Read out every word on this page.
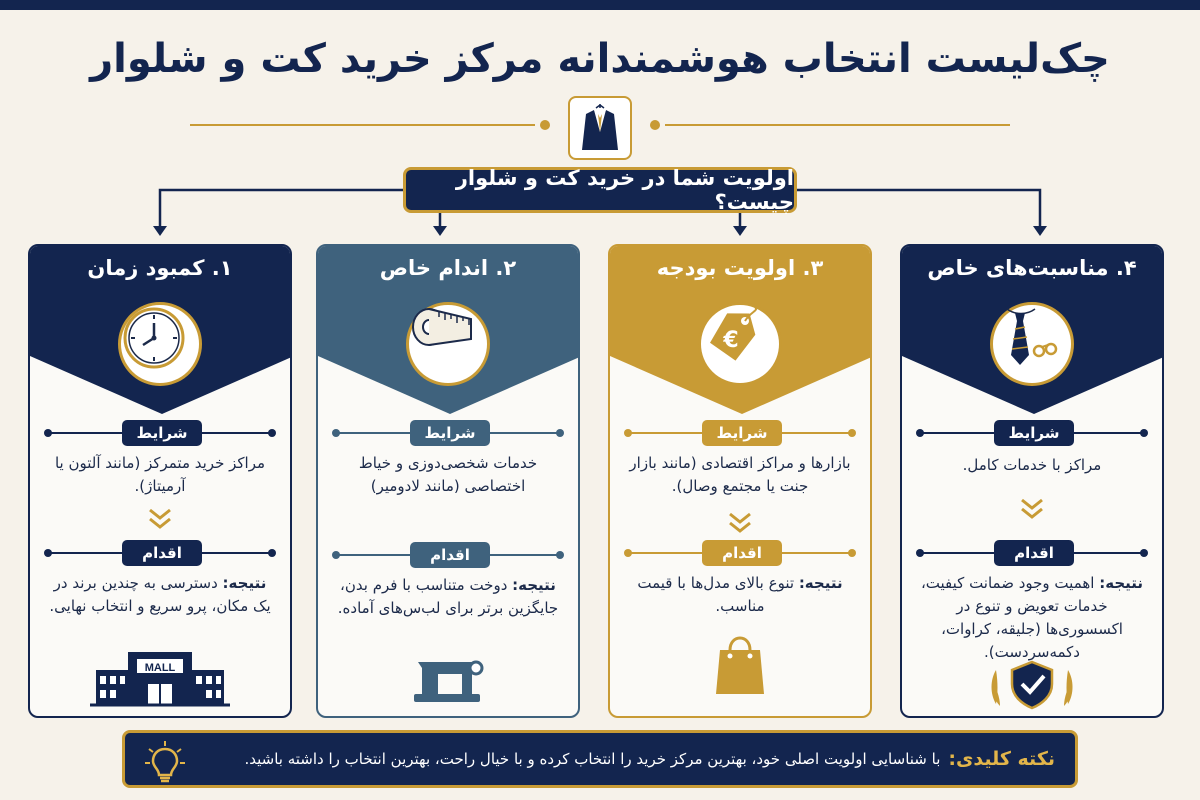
چک‌لیست انتخاب هوشمندانه مرکز خرید کت و شلوار
اولویت شما در خرید کت و شلوار چیست؟
۱. کمبود زمان
شرایط
مراکز خرید متمرکز (مانند آلتون یا آرمیتاژ).
اقدام
نتیجه: دسترسی به چندین برند در یک مکان، پرو سریع و انتخاب نهایی.
MALL
۲. اندام خاص
شرایط
خدمات شخصی‌دوزی و خیاط اختصاصی (مانند لادومیر)
اقدام
نتیجه: دوخت متناسب با فرم بدن، جایگزین برتر برای لب‌س‌های آماده.
۳. اولویت بودجه
€
شرایط
بازارها و مراکز اقتصادی (مانند بازار جنت یا مجتمع وصال).
اقدام
نتیجه: تنوع بالای مدل‌ها با قیمت مناسب.
۴. مناسبت‌های خاص
شرایط
مراکز با خدمات کامل.
اقدام
نتیجه: اهمیت وجود ضمانت کیفیت، خدمات تعویض و تنوع در اکسسوری‌ها (جلیقه، کراوات، دکمه‌سردست).
نکته کلیدی:
با شناسایی اولویت اصلی خود، بهترین مرکز خرید را انتخاب کرده و با خیال راحت، بهترین انتخاب را داشته باشید.
